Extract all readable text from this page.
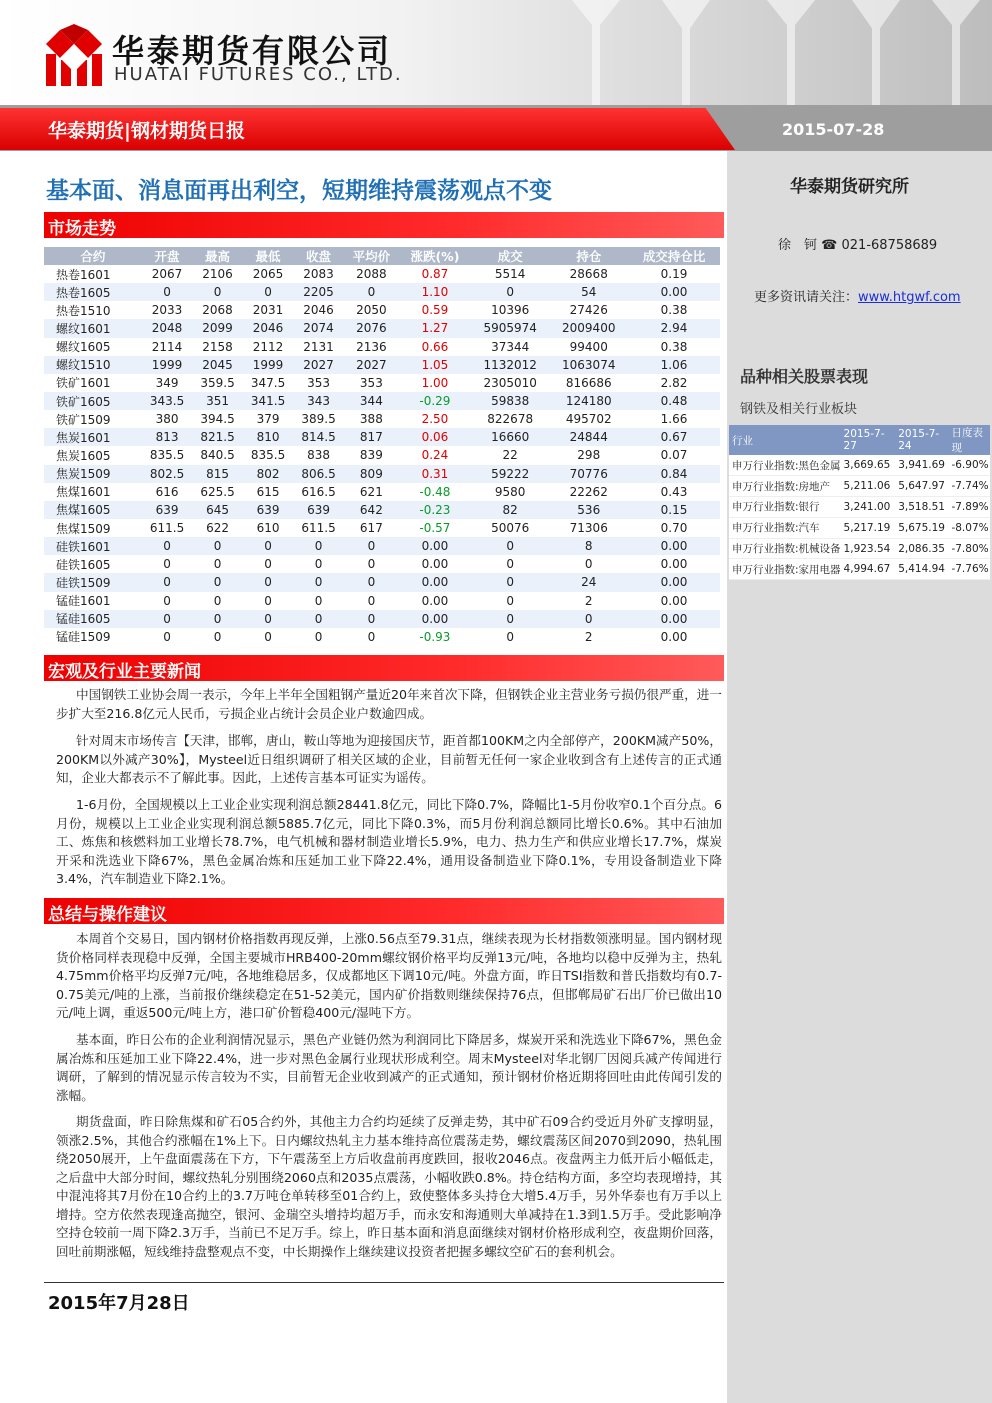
华泰期货有限公司
HUATAI FUTURES CO., LTD.
华泰期货|钢材期货日报	2015-07-28
基本面、消息面再出利空，短期维持震荡观点不变
市场走势
合约	开盘	最高	最低	收盘	平均价	涨跌(%)	成交	持仓	成交持仓比
热卷1601	2067	2106	2065	2083	2088	0.87	5514	28668	0.19
热卷1605	0	0	0	2205	0	1.10	0	54	0.00
热卷1510	2033	2068	2031	2046	2050	0.59	10396	27426	0.38
螺纹1601	2048	2099	2046	2074	2076	1.27	5905974	2009400	2.94
螺纹1605	2114	2158	2112	2131	2136	0.66	37344	99400	0.38
螺纹1510	1999	2045	1999	2027	2027	1.05	1132012	1063074	1.06
铁矿1601	349	359.5	347.5	353	353	1.00	2305010	816686	2.82
铁矿1605	343.5	351	341.5	343	344	-0.29	59838	124180	0.48
铁矿1509	380	394.5	379	389.5	388	2.50	822678	495702	1.66
焦炭1601	813	821.5	810	814.5	817	0.06	16660	24844	0.67
焦炭1605	835.5	840.5	835.5	838	839	0.24	22	298	0.07
焦炭1509	802.5	815	802	806.5	809	0.31	59222	70776	0.84
焦煤1601	616	625.5	615	616.5	621	-0.48	9580	22262	0.43
焦煤1605	639	645	639	639	642	-0.23	82	536	0.15
焦煤1509	611.5	622	610	611.5	617	-0.57	50076	71306	0.70
硅铁1601	0	0	0	0	0	0.00	0	8	0.00
硅铁1605	0	0	0	0	0	0.00	0	0	0.00
硅铁1509	0	0	0	0	0	0.00	0	24	0.00
锰硅1601	0	0	0	0	0	0.00	0	2	0.00
锰硅1605	0	0	0	0	0	0.00	0	0	0.00
锰硅1509	0	0	0	0	0	-0.93	0	2	0.00
宏观及行业主要新闻
中国钢铁工业协会周一表示，今年上半年全国粗钢产量近20年来首次下降，但钢铁企业主营业务亏损仍很严重，进一步扩大至216.8亿元人民币，亏损企业占统计会员企业户数逾四成。
针对周末市场传言【天津，邯郸，唐山，鞍山等地为迎接国庆节，距首都100KM之内全部停产，200KM减产50%，200KM以外减产30%】，Mysteel近日组织调研了相关区域的企业，目前暂无任何一家企业收到含有上述传言的正式通知，企业大都表示不了解此事。因此，上述传言基本可证实为谣传。
1-6月份，全国规模以上工业企业实现利润总额28441.8亿元，同比下降0.7%，降幅比1-5月份收窄0.1个百分点。6月份，规模以上工业企业实现利润总额5885.7亿元，同比下降0.3%，而5月份利润总额同比增长0.6%。其中石油加工、炼焦和核燃料加工业增长78.7%，电气机械和器材制造业增长5.9%，电力、热力生产和供应业增长17.7%，煤炭开采和洗选业下降67%，黑色金属冶炼和压延加工业下降22.4%，通用设备制造业下降0.1%，专用设备制造业下降3.4%，汽车制造业下降2.1%。
总结与操作建议
本周首个交易日，国内钢材价格指数再现反弹，上涨0.56点至79.31点，继续表现为长材指数领涨明显。国内钢材现货价格同样表现稳中反弹，全国主要城市HRB400-20mm螺纹钢价格平均反弹13元/吨，各地均以稳中反弹为主，热轧4.75mm价格平均反弹7元/吨，各地维稳居多，仅成都地区下调10元/吨。外盘方面，昨日TSI指数和普氏指数均有0.7-0.75美元/吨的上涨，当前报价继续稳定在51-52美元，国内矿价指数则继续保持76点，但邯郸局矿石出厂价已做出10元/吨上调，重返500元/吨上方，港口矿价暂稳400元/湿吨下方。
基本面，昨日公布的企业利润情况显示，黑色产业链仍然为利润同比下降居多，煤炭开采和洗选业下降67%，黑色金属冶炼和压延加工业下降22.4%，进一步对黑色金属行业现状形成利空。周末Mysteel对华北钢厂因阅兵减产传闻进行调研，了解到的情况显示传言较为不实，目前暂无企业收到减产的正式通知，预计钢材价格近期将回吐由此传闻引发的涨幅。
期货盘面，昨日除焦煤和矿石05合约外，其他主力合约均延续了反弹走势，其中矿石09合约受近月外矿支撑明显，领涨2.5%，其他合约涨幅在1%上下。日内螺纹热轧主力基本维持高位震荡走势，螺纹震荡区间2070到2090，热轧围绕2050展开，上午盘面震荡在下方，下午震荡至上方后收盘前再度跌回，报收2046点。夜盘两主力低开后小幅低走，之后盘中大部分时间，螺纹热轧分别围绕2060点和2035点震荡，小幅收跌0.8%。持仓结构方面，多空均表现增持，其中混沌将其7月份在10合约上的3.7万吨仓单转移至01合约上，致使整体多头持仓大增5.4万手，另外华泰也有万手以上增持。空方依然表现逢高抛空，银河、金瑞空头增持均超万手，而永安和海通则大单减持在1.3到1.5万手。受此影响净空持仓较前一周下降2.3万手，当前已不足万手。综上，昨日基本面和消息面继续对钢材价格形成利空，夜盘期价回落，回吐前期涨幅，短线维持盘整观点不变，中长期操作上继续建议投资者把握多螺纹空矿石的套利机会。
2015年7月28日
华泰期货研究所
徐　钶 ☎ 021-68758689
更多资讯请关注：www.htgwf.com
品种相关股票表现
钢铁及相关行业板块
行业	2015-7-27	2015-7-24	日度表现
申万行业指数:黑色金属	3,669.65	3,941.69	-6.90%
申万行业指数:房地产	5,211.06	5,647.97	-7.74%
申万行业指数:银行	3,241.00	3,518.51	-7.89%
申万行业指数:汽车	5,217.19	5,675.19	-8.07%
申万行业指数:机械设备	1,923.54	2,086.35	-7.80%
申万行业指数:家用电器	4,994.67	5,414.94	-7.76%
